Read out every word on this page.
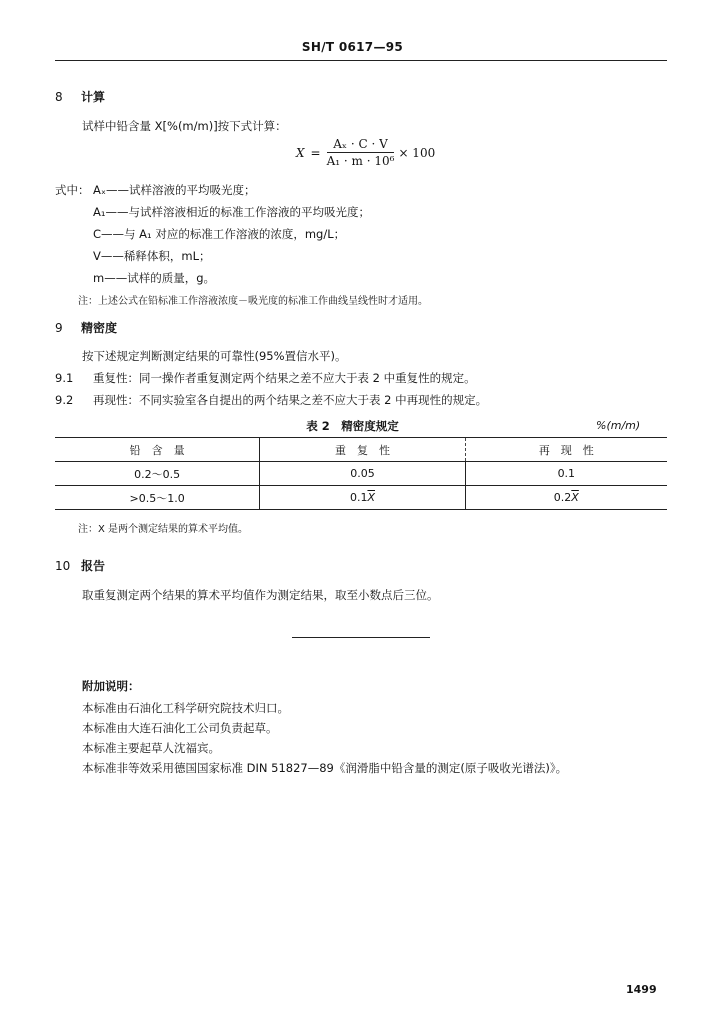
SH/T 0617—95
8 计算
试样中铅含量 X[%(m/m)]按下式计算：
$X = \frac{\text{Aₓ · C · V}}{\text{A₁ · m · 10⁶}} \times 100$
式中： Aₓ——试样溶液的平均吸光度；
A₁——与试样溶液相近的标准工作溶液的平均吸光度；
C——与 A₁ 对应的标准工作溶液的浓度，mg/L；
V——稀释体积，mL；
m——试样的质量，g。
注：上述公式在铅标准工作溶液浓度－吸光度的标准工作曲线呈线性时才适用。
9 精密度
按下述规定判断测定结果的可靠性(95%置信水平)。
9.1 重复性：同一操作者重复测定两个结果之差不应大于表 2 中重复性的规定。
9.2 再现性：不同实验室各自提出的两个结果之差不应大于表 2 中再现性的规定。
表 2　精密度规定	%(m/m)
铅　含　量	重　复　性	再　现　性
0.2～0.5	0.05	0.1
>0.5～1.0	$0.1\overline{X}$	$0.2\overline{X}$
注：X 是两个测定结果的算术平均值。
10 报告
取重复测定两个结果的算术平均值作为测定结果，取至小数点后三位。
附加说明：
本标准由石油化工科学研究院技术归口。
本标准由大连石油化工公司负责起草。
本标准主要起草人沈福宾。
本标准非等效采用德国国家标准 DIN 51827—89《润滑脂中铅含量的测定(原子吸收光谱法)》。
1499
